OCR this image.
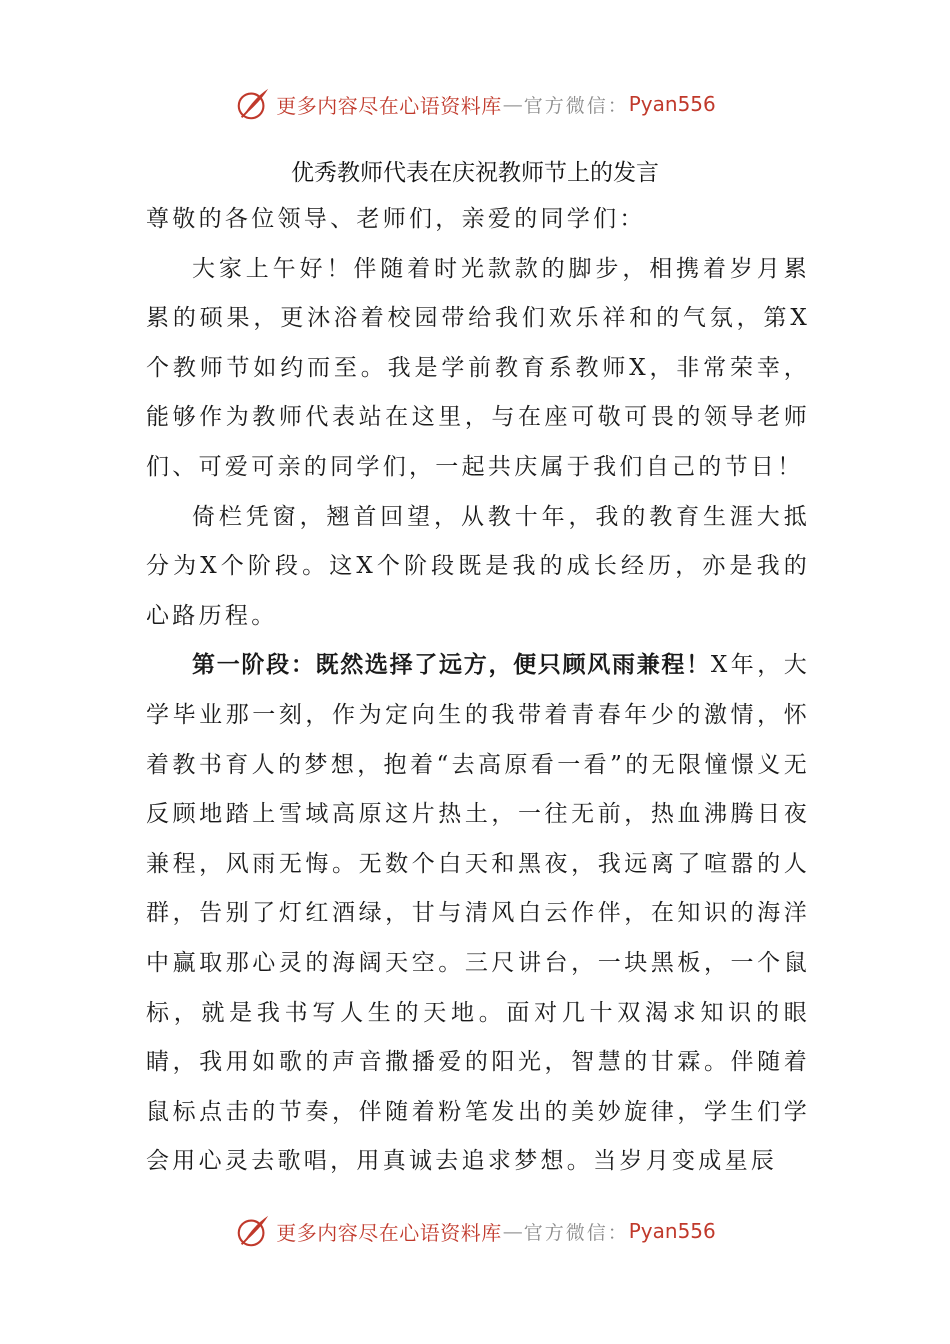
更多内容尽在心语资料库 — 官方微信： Pyan556
优秀教师代表在庆祝教师节上的发言

尊敬的各位领导、老师们，亲爱的同学们：

大家上午好！伴随着时光款款的脚步，相携着岁月累累的硕果，更沐浴着校园带给我们欢乐祥和的气氛，第X个教师节如约而至。我是学前教育系教师X，非常荣幸，能够作为教师代表站在这里，与在座可敬可畏的领导老师们、可爱可亲的同学们，一起共庆属于我们自己的节日！

倚栏凭窗，翘首回望，从教十年，我的教育生涯大抵分为X个阶段。这X个阶段既是我的成长经历，亦是我的心路历程。

第一阶段：既然选择了远方，便只顾风雨兼程！X年，大学毕业那一刻，作为定向生的我带着青春年少的激情，怀着教书育人的梦想，抱着“去高原看一看”的无限憧憬义无反顾地踏上雪域高原这片热土，一往无前，热血沸腾日夜兼程，风雨无悔。无数个白天和黑夜，我远离了喧嚣的人群，告别了灯红酒绿，甘与清风白云作伴，在知识的海洋中赢取那心灵的海阔天空。三尺讲台，一块黑板，一个鼠标，就是我书写人生的天地。面对几十双渴求知识的眼睛，我用如歌的声音撒播爱的阳光，智慧的甘霖。伴随着鼠标点击的节奏，伴随着粉笔发出的美妙旋律，学生们学会用心灵去歌唱，用真诚去追求梦想。当岁月变成星辰

更多内容尽在心语资料库 — 官方微信： Pyan556
